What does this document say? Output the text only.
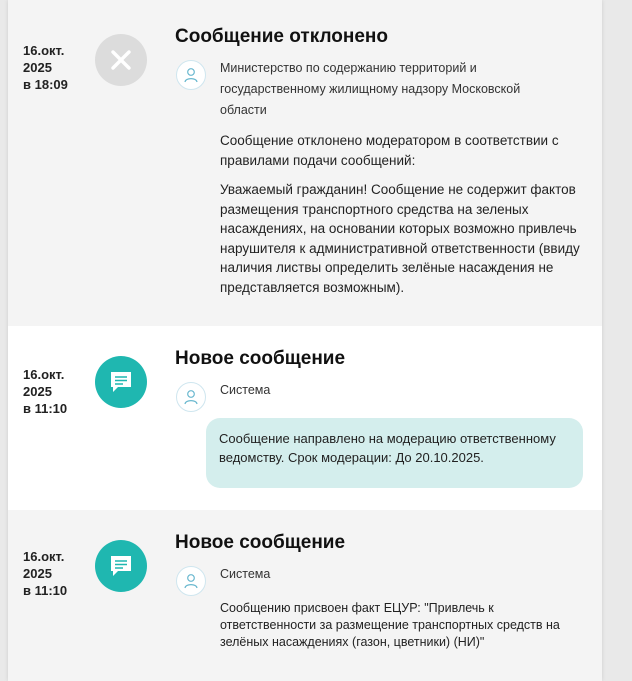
16.окт.
2025
в 18:09
Сообщение отклонено
Министерство по содержанию территорий и государственному жилищному надзору Московской области
Сообщение отклонено модератором в соответствии с правилами подачи сообщений:
Уважаемый гражданин! Сообщение не содержит фактов размещения транспортного средства на зеленых насаждениях, на основании которых возможно привлечь нарушителя к административной ответственности (ввиду наличия листвы определить зелёные насаждения не представляется возможным).
16.окт.
2025
в 11:10
Новое сообщение
Система
Сообщение направлено на модерацию ответственному ведомству. Срок модерации: До 20.10.2025.
16.окт.
2025
в 11:10
Новое сообщение
Система
Сообщению присвоен факт ЕЦУР: "Привлечь к ответственности за размещение транспортных средств на зелёных насаждениях (газон, цветники) (НИ)"
